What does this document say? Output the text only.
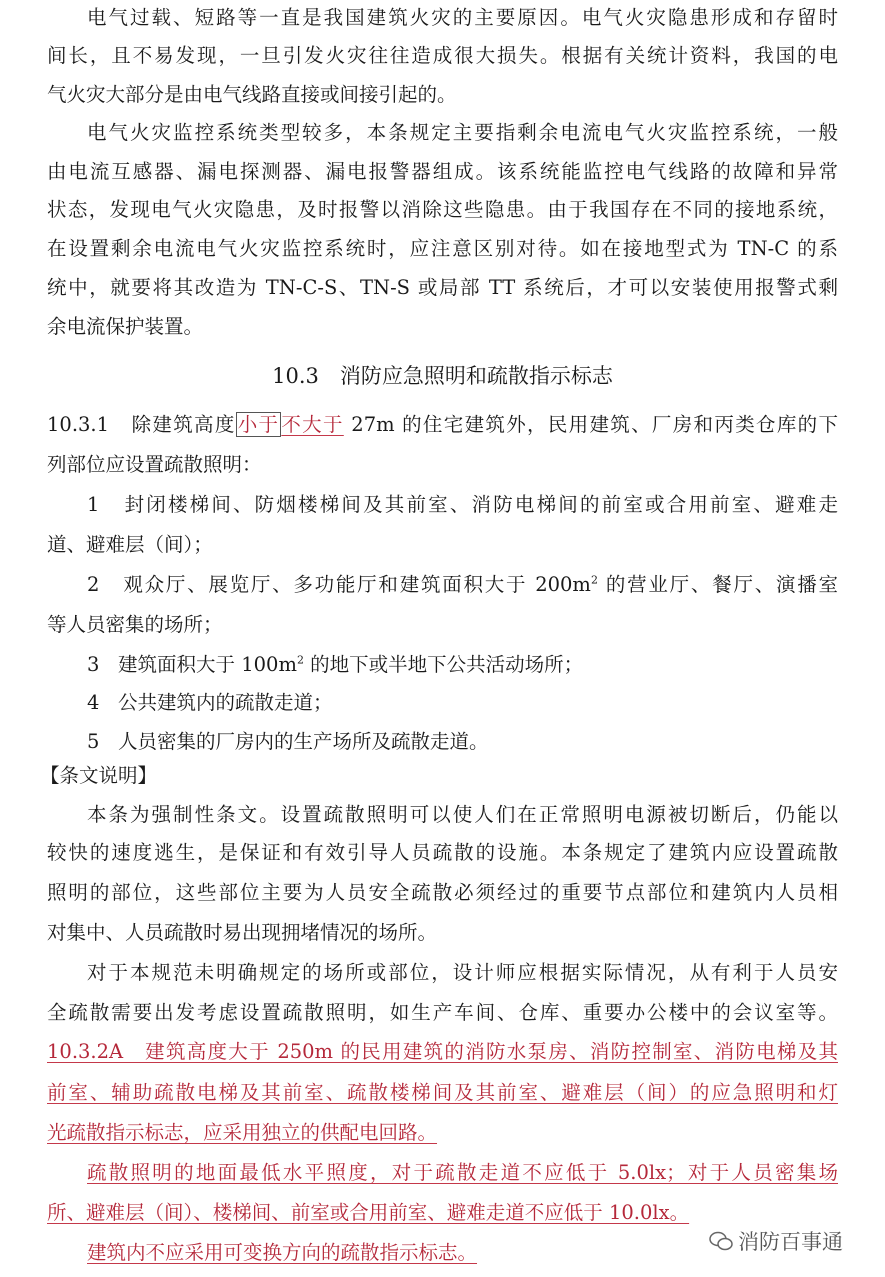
电气过载、短路等一直是我国建筑火灾的主要原因。电气火灾隐患形成和存留时
间长，且不易发现，一旦引发火灾往往造成很大损失。根据有关统计资料，我国的电
气火灾大部分是由电气线路直接或间接引起的。
电气火灾监控系统类型较多，本条规定主要指剩余电流电气火灾监控系统，一般
由电流互感器、漏电探测器、漏电报警器组成。该系统能监控电气线路的故障和异常
状态，发现电气火灾隐患，及时报警以消除这些隐患。由于我国存在不同的接地系统，
在设置剩余电流电气火灾监控系统时，应注意区别对待。如在接地型式为 TN-C 的系
统中，就要将其改造为 TN-C-S、TN-S 或局部 TT 系统后，才可以安装使用报警式剩
余电流保护装置。
10.3　消防应急照明和疏散指示标志
10.3.1 除建筑高度 小于 不大于 27m 的住宅建筑外，民用建筑、厂房和丙类仓库的下
列部位应设置疏散照明：
1 封闭楼梯间、防烟楼梯间及其前室、消防电梯间的前室或合用前室、避难走
道、避难层（间）；
2 观众厅、展览厅、多功能厅和建筑面积大于 $200m^2$ 的营业厅、餐厅、演播室
等人员密集的场所；
3 建筑面积大于 $100m^2$ 的地下或半地下公共活动场所；
4 公共建筑内的疏散走道；
5 人员密集的厂房内的生产场所及疏散走道。
【条文说明】
本条为强制性条文。设置疏散照明可以使人们在正常照明电源被切断后，仍能以
较快的速度逃生，是保证和有效引导人员疏散的设施。本条规定了建筑内应设置疏散
照明的部位，这些部位主要为人员安全疏散必须经过的重要节点部位和建筑内人员相
对集中、人员疏散时易出现拥堵情况的场所。
对于本规范未明确规定的场所或部位，设计师应根据实际情况，从有利于人员安
全疏散需要出发考虑设置疏散照明，如生产车间、仓库、重要办公楼中的会议室等。
10.3.2A　建筑高度大于 250m 的民用建筑的消防水泵房、消防控制室、消防电梯及其
前室、辅助疏散电梯及其前室、疏散楼梯间及其前室、避难层（间）的应急照明和灯
光疏散指示标志，应采用独立的供配电回路。
疏散照明的地面最低水平照度，对于疏散走道不应低于 5.0lx；对于人员密集场
所、避难层（间）、楼梯间、前室或合用前室、避难走道不应低于 10.0lx。
建筑内不应采用可变换方向的疏散指示标志。	消防百事通
